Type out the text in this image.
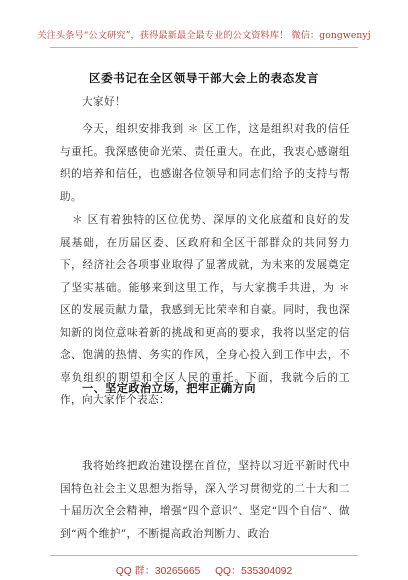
关注头条号“公文研究”，获得最新最全最专业的公文资料库！ 微信：gongwenyj
区委书记在全区领导干部大会上的表态发言
大家好！
今天，组织安排我到 ＊ 区工作，这是组织对我的信任与重托。我深感使命光荣、责任重大。在此，我衷心感谢组织的培养和信任，也感谢各位领导和同志们给予的支持与帮助。
＊ 区有着独特的区位优势、深厚的文化底蕴和良好的发展基础，在历届区委、区政府和全区干部群众的共同努力下，经济社会各项事业取得了显著成就，为未来的发展奠定了坚实基础。能够来到这里工作，与大家携手共进，为 ＊ 区的发展贡献力量，我感到无比荣幸和自豪。同时，我也深知新的岗位意味着新的挑战和更高的要求，我将以坚定的信念、饱满的热情、务实的作风，全身心投入到工作中去，不辜负组织的期望和全区人民的重托。下面，我就今后的工作，向大家作个表态：
一、坚定政治立场，把牢正确方向
我将始终把政治建设摆在首位，坚持以习近平新时代中国特色社会主义思想为指导，深入学习贯彻党的二十大和二十届历次全会精神，增强“四个意识”、坚定“四个自信”、做到“两个维护”，不断提高政治判断力、政治
QQ 群：30265665 QQ：535304092
